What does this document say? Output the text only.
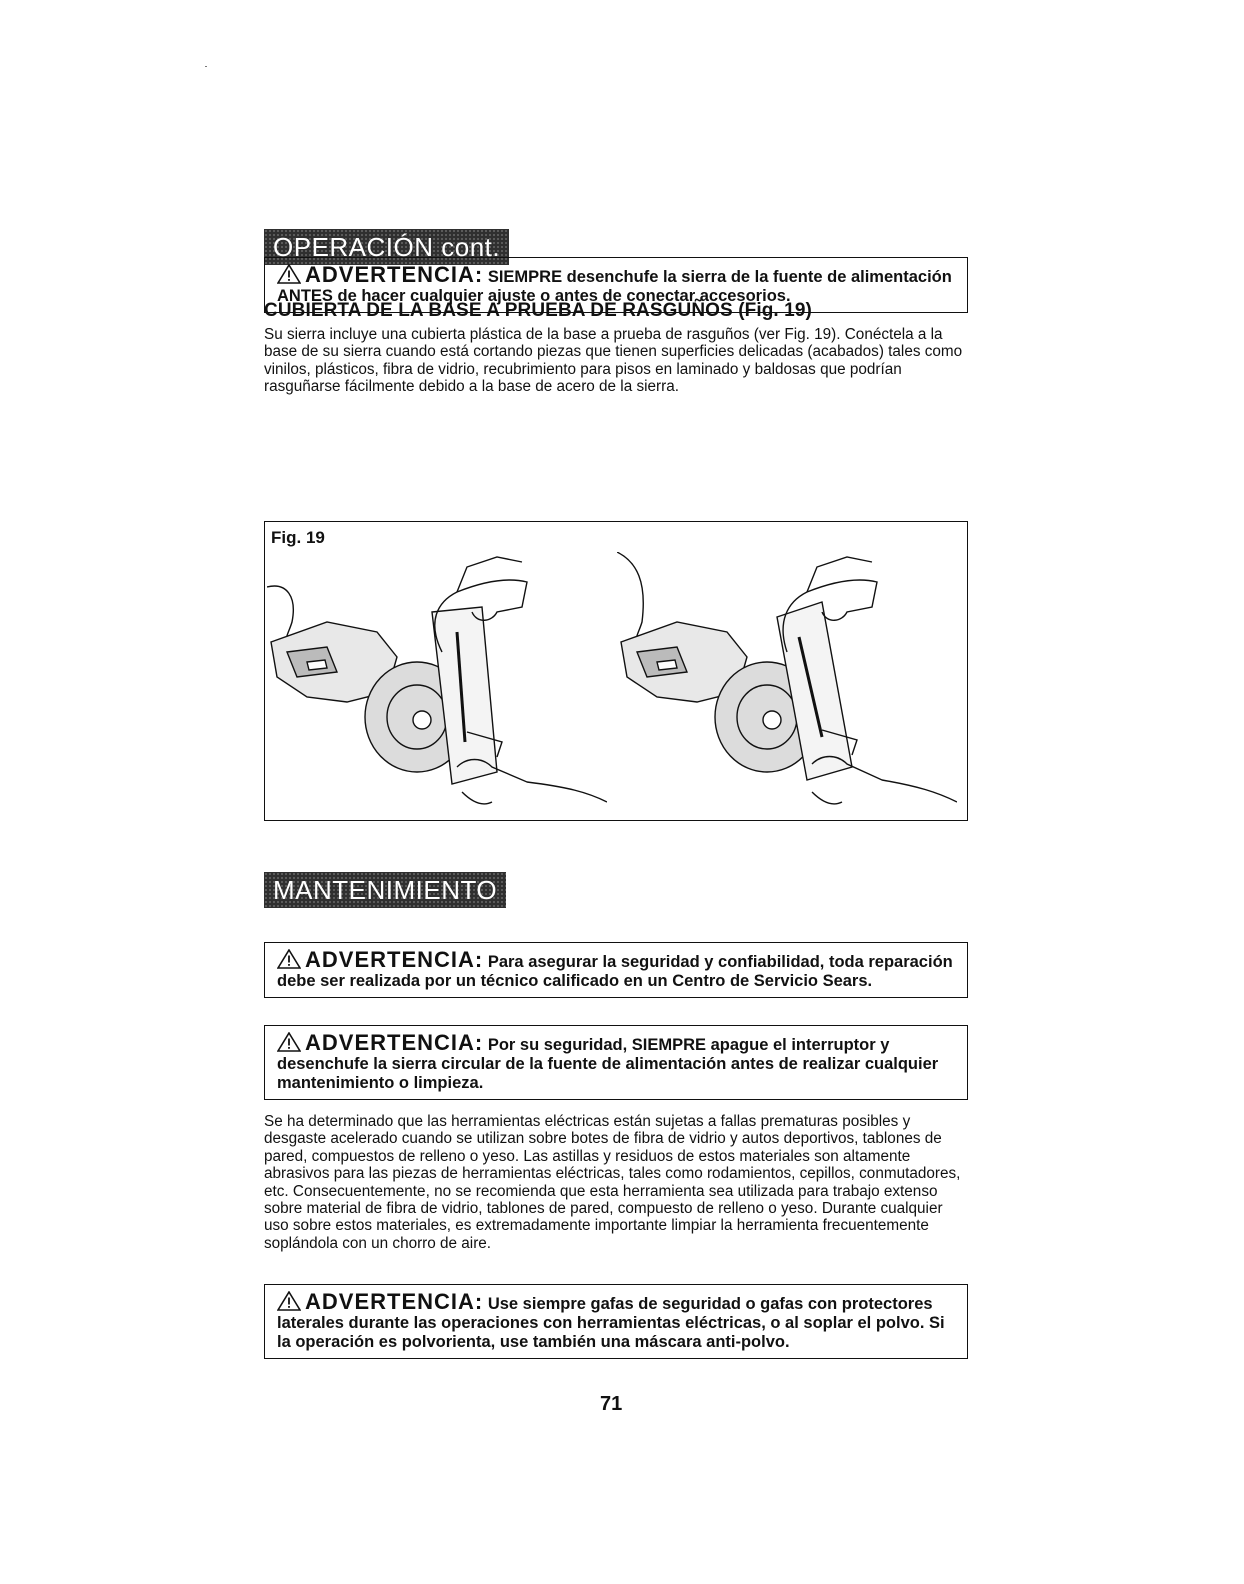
OPERACIÓN cont.
CUBIERTA DE LA BASE A PRUEBA DE RASGUÑOS (Fig. 19)
ADVERTENCIA: SIEMPRE desenchufe la sierra de la fuente de alimentación ANTES de hacer cualquier ajuste o antes de conectar accesorios.

Su sierra incluye una cubierta plástica de la base a prueba de rasguños (ver Fig. 19). Conéctela a la base de su sierra cuando está cortando piezas que tienen superficies delicadas (acabados) tales como vinilos, plásticos, fibra de vidrio, recubrimiento para pisos en laminado y baldosas que podrían rasguñarse fácilmente debido a la base de acero de la sierra.

Fig. 19
MANTENIMIENTO
ADVERTENCIA: Para asegurar la seguridad y confiabilidad, toda reparación debe ser realizada por un técnico calificado en un Centro de Servicio Sears.
ADVERTENCIA: Por su seguridad, SIEMPRE apague el interruptor y desenchufe la sierra circular de la fuente de alimentación antes de realizar cualquier mantenimiento o limpieza.

Se ha determinado que las herramientas eléctricas están sujetas a fallas prematuras posibles y desgaste acelerado cuando se utilizan sobre botes de fibra de vidrio y autos deportivos, tablones de pared, compuestos de relleno o yeso. Las astillas y residuos de estos materiales son altamente abrasivos para las piezas de herramientas eléctricas, tales como rodamientos, cepillos, conmutadores, etc. Consecuentemente, no se recomienda que esta herramienta sea utilizada para trabajo extenso sobre material de fibra de vidrio, tablones de pared, compuesto de relleno o yeso. Durante cualquier uso sobre estos materiales, es extremadamente importante limpiar la herramienta frecuentemente soplándola con un chorro de aire.

ADVERTENCIA: Use siempre gafas de seguridad o gafas con protectores laterales durante las operaciones con herramientas eléctricas, o al soplar el polvo. Si la operación es polvorienta, use también una máscara anti-polvo.
71
